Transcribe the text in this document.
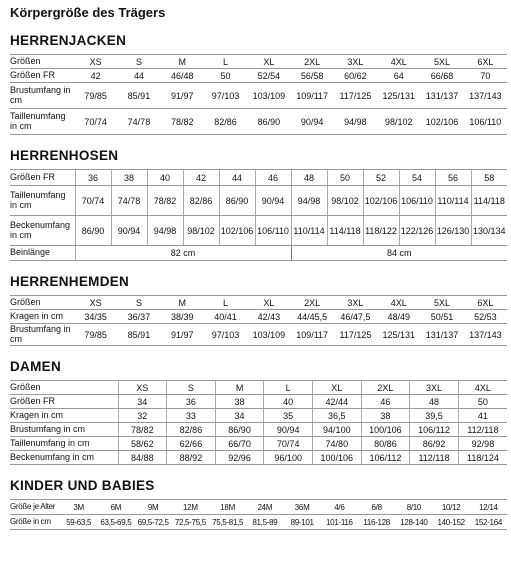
Körpergröße des Trägers
HERRENJACKEN
Größen	XS	S	M	L	XL	2XL	3XL	4XL	5XL	6XL
Größen FR	42	44	46/48	50	52/54	56/58	60/62	64	66/68	70
Brustumfang in cm	79/85	85/91	91/97	97/103	103/109	109/117	117/125	125/131	131/137	137/143
Taillenumfang in cm	70/74	74/78	78/82	82/86	86/90	90/94	94/98	98/102	102/106	106/110
HERRENHOSEN
Größen FR	36	38	40	42	44	46	48	50	52	54	56	58
Taillenumfang in cm	70/74	74/78	78/82	82/86	86/90	90/94	94/98	98/102	102/106	106/110	110/114	114/118
Beckenumfang in cm	86/90	90/94	94/98	98/102	102/106	106/110	110/114	114/118	118/122	122/126	126/130	130/134
Beinlänge	82 cm						84 cm					
HERRENHEMDEN
Größen	XS	S	M	L	XL	2XL	3XL	4XL	5XL	6XL
Kragen in cm	34/35	36/37	38/39	40/41	42/43	44/45,5	46/47,5	48/49	50/51	52/53
Brustumfang in cm	79/85	85/91	91/97	97/103	103/109	109/117	117/125	125/131	131/137	137/143
DAMEN
Größen	XS	S	M	L	XL	2XL	3XL	4XL
Größen FR	34	36	38	40	42/44	46	48	50
Kragen in cm	32	33	34	35	36,5	38	39,5	41
Brustumfang in cm	78/82	82/86	86/90	90/94	94/100	100/106	106/112	112/118
Taillenumfang in cm	58/62	62/66	66/70	70/74	74/80	80/86	86/92	92/98
Beckenumfang in cm	84/88	88/92	92/96	96/100	100/106	106/112	112/118	118/124
KINDER UND BABIES
Größe je Alter	3M	6M	9M	12M	18M	24M	36M	4/6	6/8	8/10	10/12	12/14
Größe in cm	59-63,5	63,5-69,5	69,5-72,5	72,5-75,5	75,5-81,5	81,5-89	89-101	101-116	116-128	128-140	140-152	152-164
